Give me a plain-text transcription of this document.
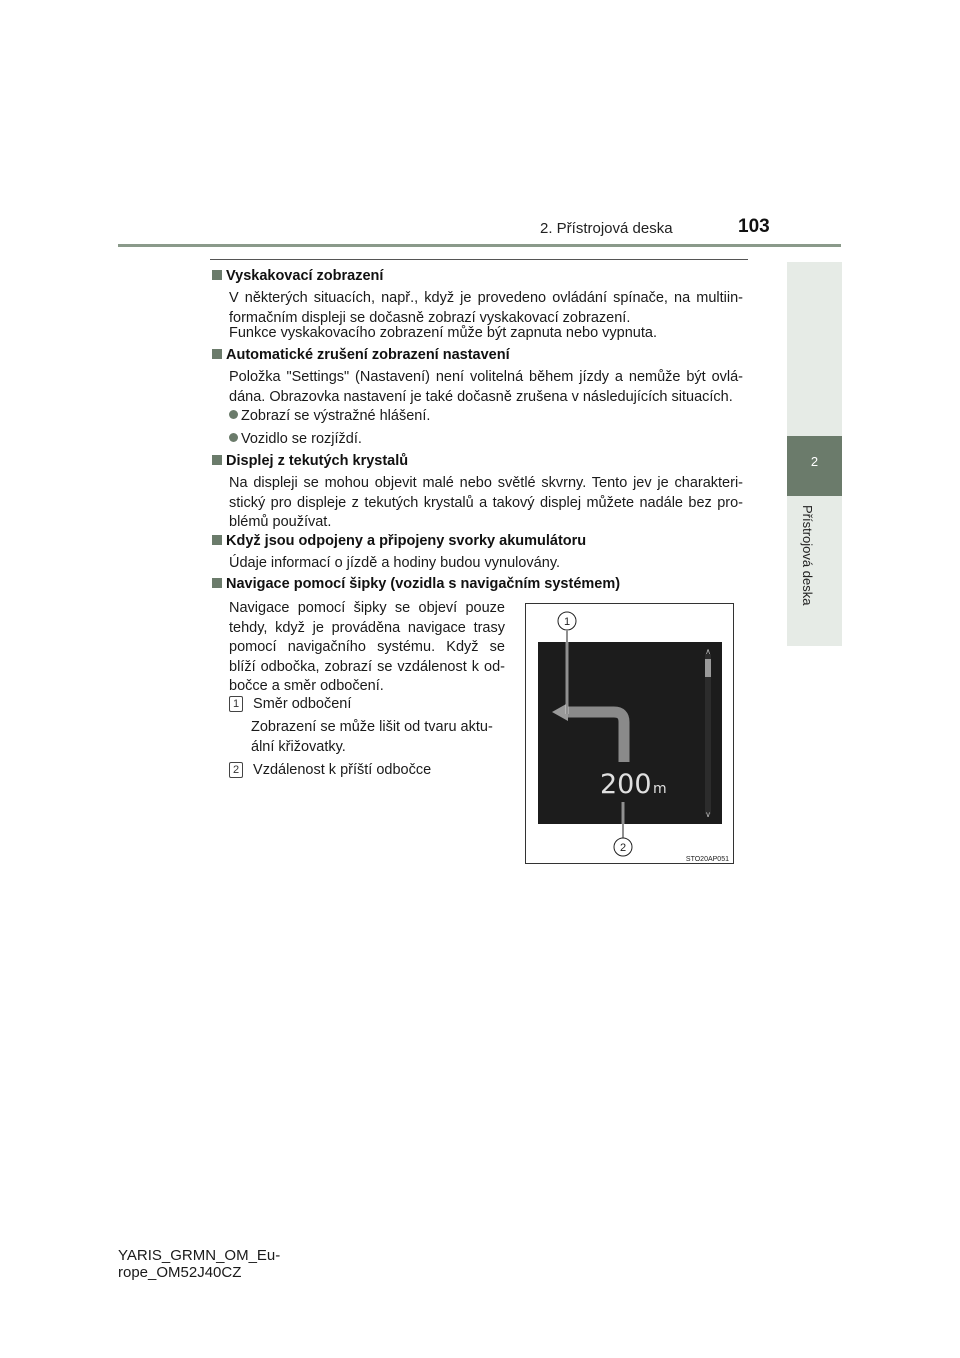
2. Přístrojová deska	103
2
Přístrojová deska
Vyskakovací zobrazení
V některých situacích, např., když je provedeno ovládání spínače, na multiin-formačním displeji se dočasně zobrazí vyskakovací zobrazení.
Funkce vyskakovacího zobrazení může být zapnuta nebo vypnuta.
Automatické zrušení zobrazení nastavení
Položka "Settings" (Nastavení) není volitelná během jízdy a nemůže být ovlá-dána. Obrazovka nastavení je také dočasně zrušena v následujících situacích.
Zobrazí se výstražné hlášení.
Vozidlo se rozjíždí.
Displej z tekutých krystalů
Na displeji se mohou objevit malé nebo světlé skvrny. Tento jev je charakteri-stický pro displeje z tekutých krystalů a takový displej můžete nadále bez pro-blémů používat.
Když jsou odpojeny a připojeny svorky akumulátoru
Údaje informací o jízdě a hodiny budou vynulovány.
Navigace pomocí šipky (vozidla s navigačním systémem)
Navigace pomocí šipky se objeví pouze tehdy, když je prováděna navigace trasy pomocí navigačního systému. Když se blíží odbočka, zobrazí se vzdálenost k od-bočce a směr odbočení.
1 Směr odbočení
Zobrazení se může lišit od tvaru aktu-ální křižovatky.
2 Vzdálenost k příští odbočce
∧
∨
200 m
1
2
STO20AP051
YARIS_GRMN_OM_Eu-
rope_OM52J40CZ
